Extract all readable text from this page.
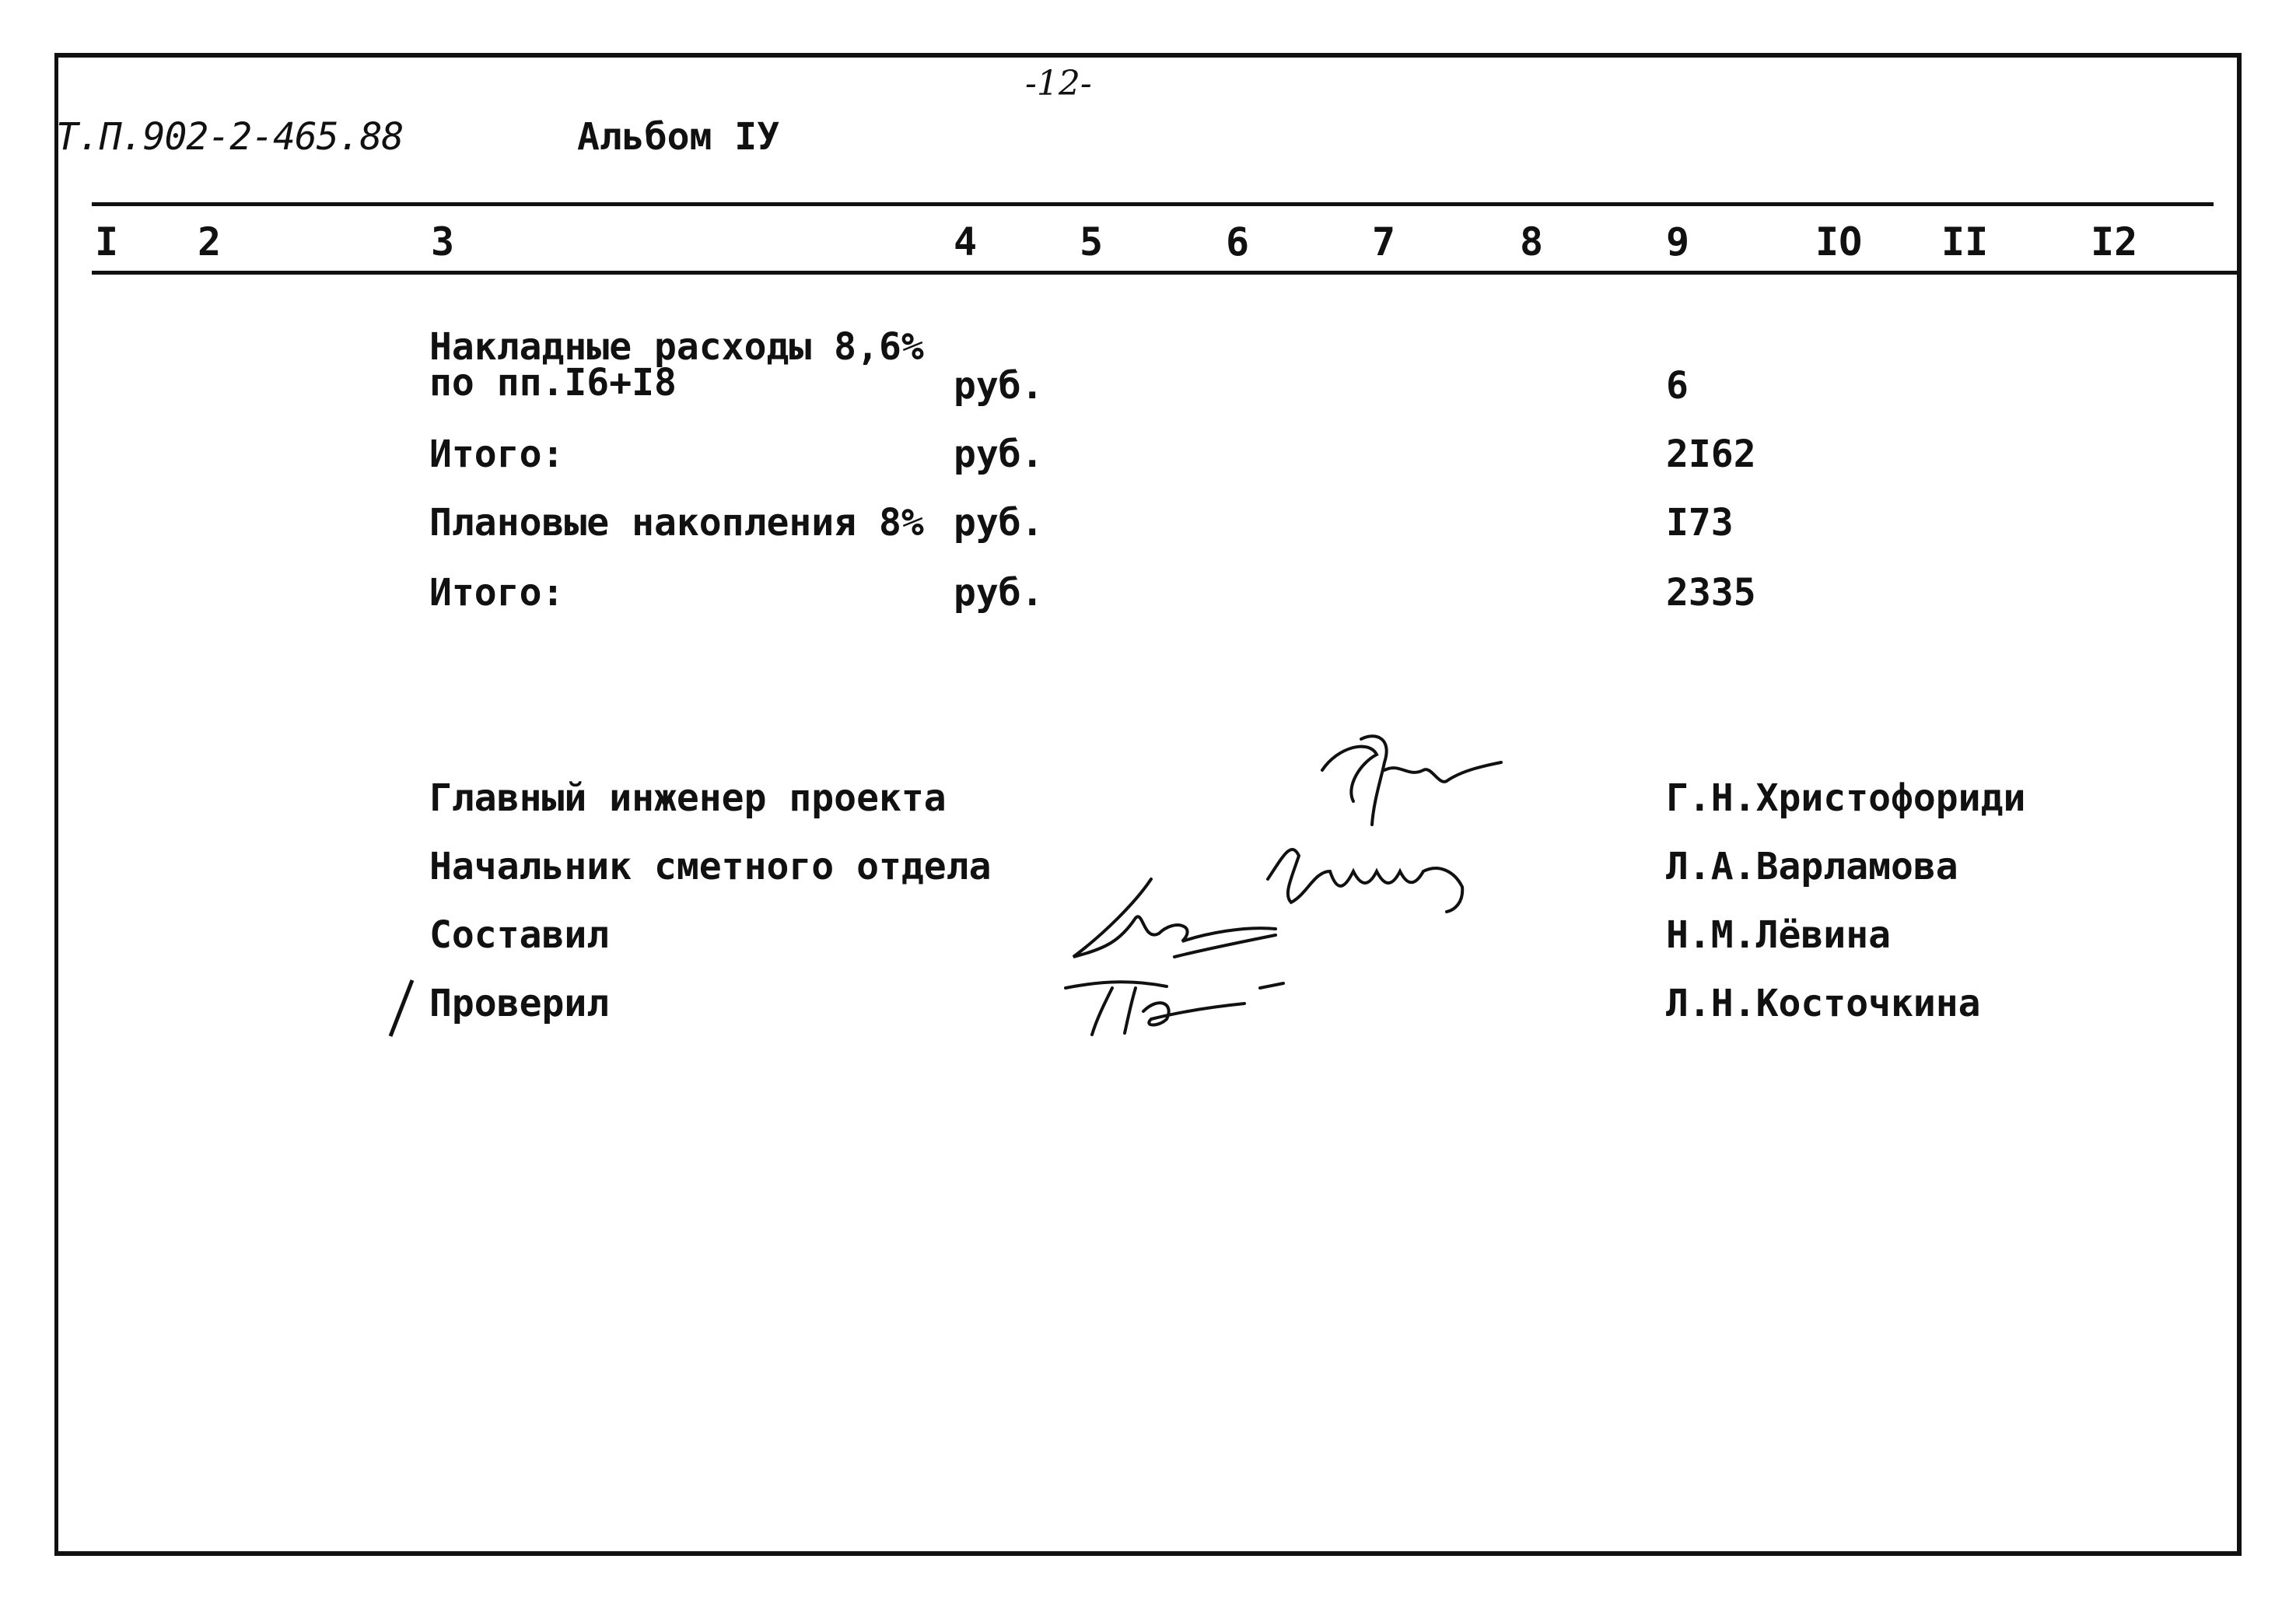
Т.П.902-2-465.88
-12-
Альбом IУ
I 2	3	4	5	6	7	8	9	IO II	I2
Накладные расходы 8,6%
по пп.I6+I8	руб.	6
Итого:	руб.	2I62
Плановые накопления 8% руб.	I73
Итого:	руб.	2335
Главный инженер проекта	Г.Н.Христофориди
Начальник сметного отдела	Л.А.Варламова
Составил	Н.М.Лёвина
Проверил	Л.Н.Косточкина
